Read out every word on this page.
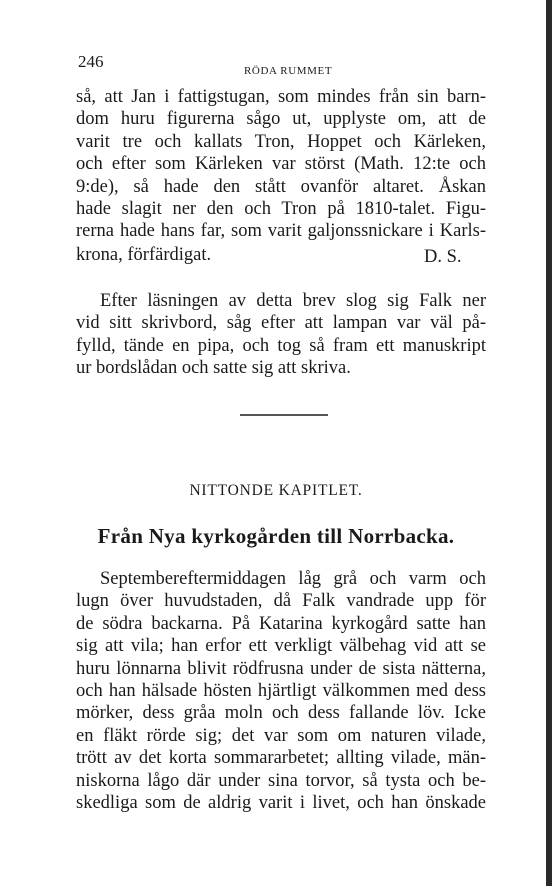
246	RÖDA RUMMET
så, att Jan i fattigstugan, som mindes från sin barn-
dom huru figurerna sågo ut, upplyste om, att de
varit tre och kallats Tron, Hoppet och Kärleken,
och efter som Kärleken var störst (Math. 12:te och
9:de), så hade den stått ovanför altaret. Åskan
hade slagit ner den och Tron på 1810-talet. Figu-
rerna hade hans far, som varit galjonssnickare i Karls-
krona, förfärdigat.	D. S.
Efter läsningen av detta brev slog sig Falk ner
vid sitt skrivbord, såg efter att lampan var väl på-
fylld, tände en pipa, och tog så fram ett manuskript
ur bordslådan och satte sig att skriva.
NITTONDE KAPITLET.
Från Nya kyrkogården till Norrbacka.
Septembereftermiddagen låg grå och varm och
lugn över huvudstaden, då Falk vandrade upp för
de södra backarna. På Katarina kyrkogård satte han
sig att vila; han erfor ett verkligt välbehag vid att se
huru lönnarna blivit rödfrusna under de sista nätterna,
och han hälsade hösten hjärtligt välkommen med dess
mörker, dess gråa moln och dess fallande löv. Icke
en fläkt rörde sig; det var som om naturen vilade,
trött av det korta sommararbetet; allting vilade, män-
niskorna lågo där under sina torvor, så tysta och be-
skedliga som de aldrig varit i livet, och han önskade
